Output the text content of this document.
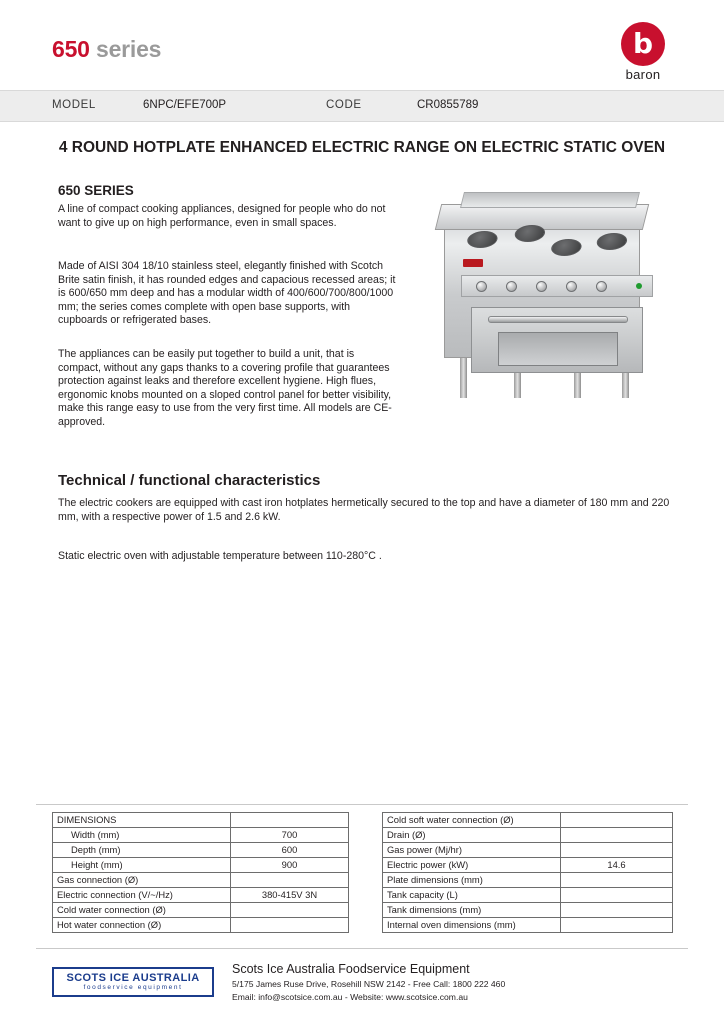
650 series	b
baron
MODEL	6NPC/EFE700P	CODE	CR0855789
4 ROUND HOTPLATE ENHANCED ELECTRIC RANGE ON ELECTRIC STATIC OVEN
650 SERIES
A line of compact cooking appliances, designed for people who do not want to give up on high performance, even in small spaces.
Made of AISI 304 18/10 stainless steel, elegantly finished with Scotch Brite satin finish, it has rounded edges and capacious recessed areas; it is 600/650 mm deep and has a modular width of 400/600/700/800/1000 mm; the series comes complete with open base supports, with cupboards or refrigerated bases.
The appliances can be easily put together to build a unit, that is compact, without any gaps thanks to a covering profile that guarantees protection against leaks and therefore excellent hygiene. High flues, ergonomic knobs mounted on a sloped control panel for better visibility, make this range easy to use from the very first time. All models are CE-approved.
Technical / functional characteristics
The electric cookers are equipped with cast iron hotplates hermetically secured to the top and have a diameter of 180 mm and 220 mm, with a respective power of 1.5 and 2.6 kW.
Static electric oven with adjustable temperature between 110-280°C .
DIMENSIONS	
Width (mm)	700
Depth (mm)	600
Height (mm)	900
Gas connection (Ø)	
Electric connection (V/~/Hz)	380-415V 3N
Cold water connection (Ø)	
Hot water connection (Ø)	
Cold soft water connection (Ø)	
Drain (Ø)	
Gas power (Mj/hr)	
Electric power (kW)	14.6
Plate dimensions (mm)	
Tank capacity (L)	
Tank dimensions (mm)	
Internal oven dimensions (mm)	
SCOTS ICE AUSTRALIA
foodservice equipment
Scots Ice Australia Foodservice Equipment
5/175 James Ruse Drive, Rosehill NSW 2142 - Free Call: 1800 222 460
Email: info@scotsice.com.au - Website: www.scotsice.com.au
